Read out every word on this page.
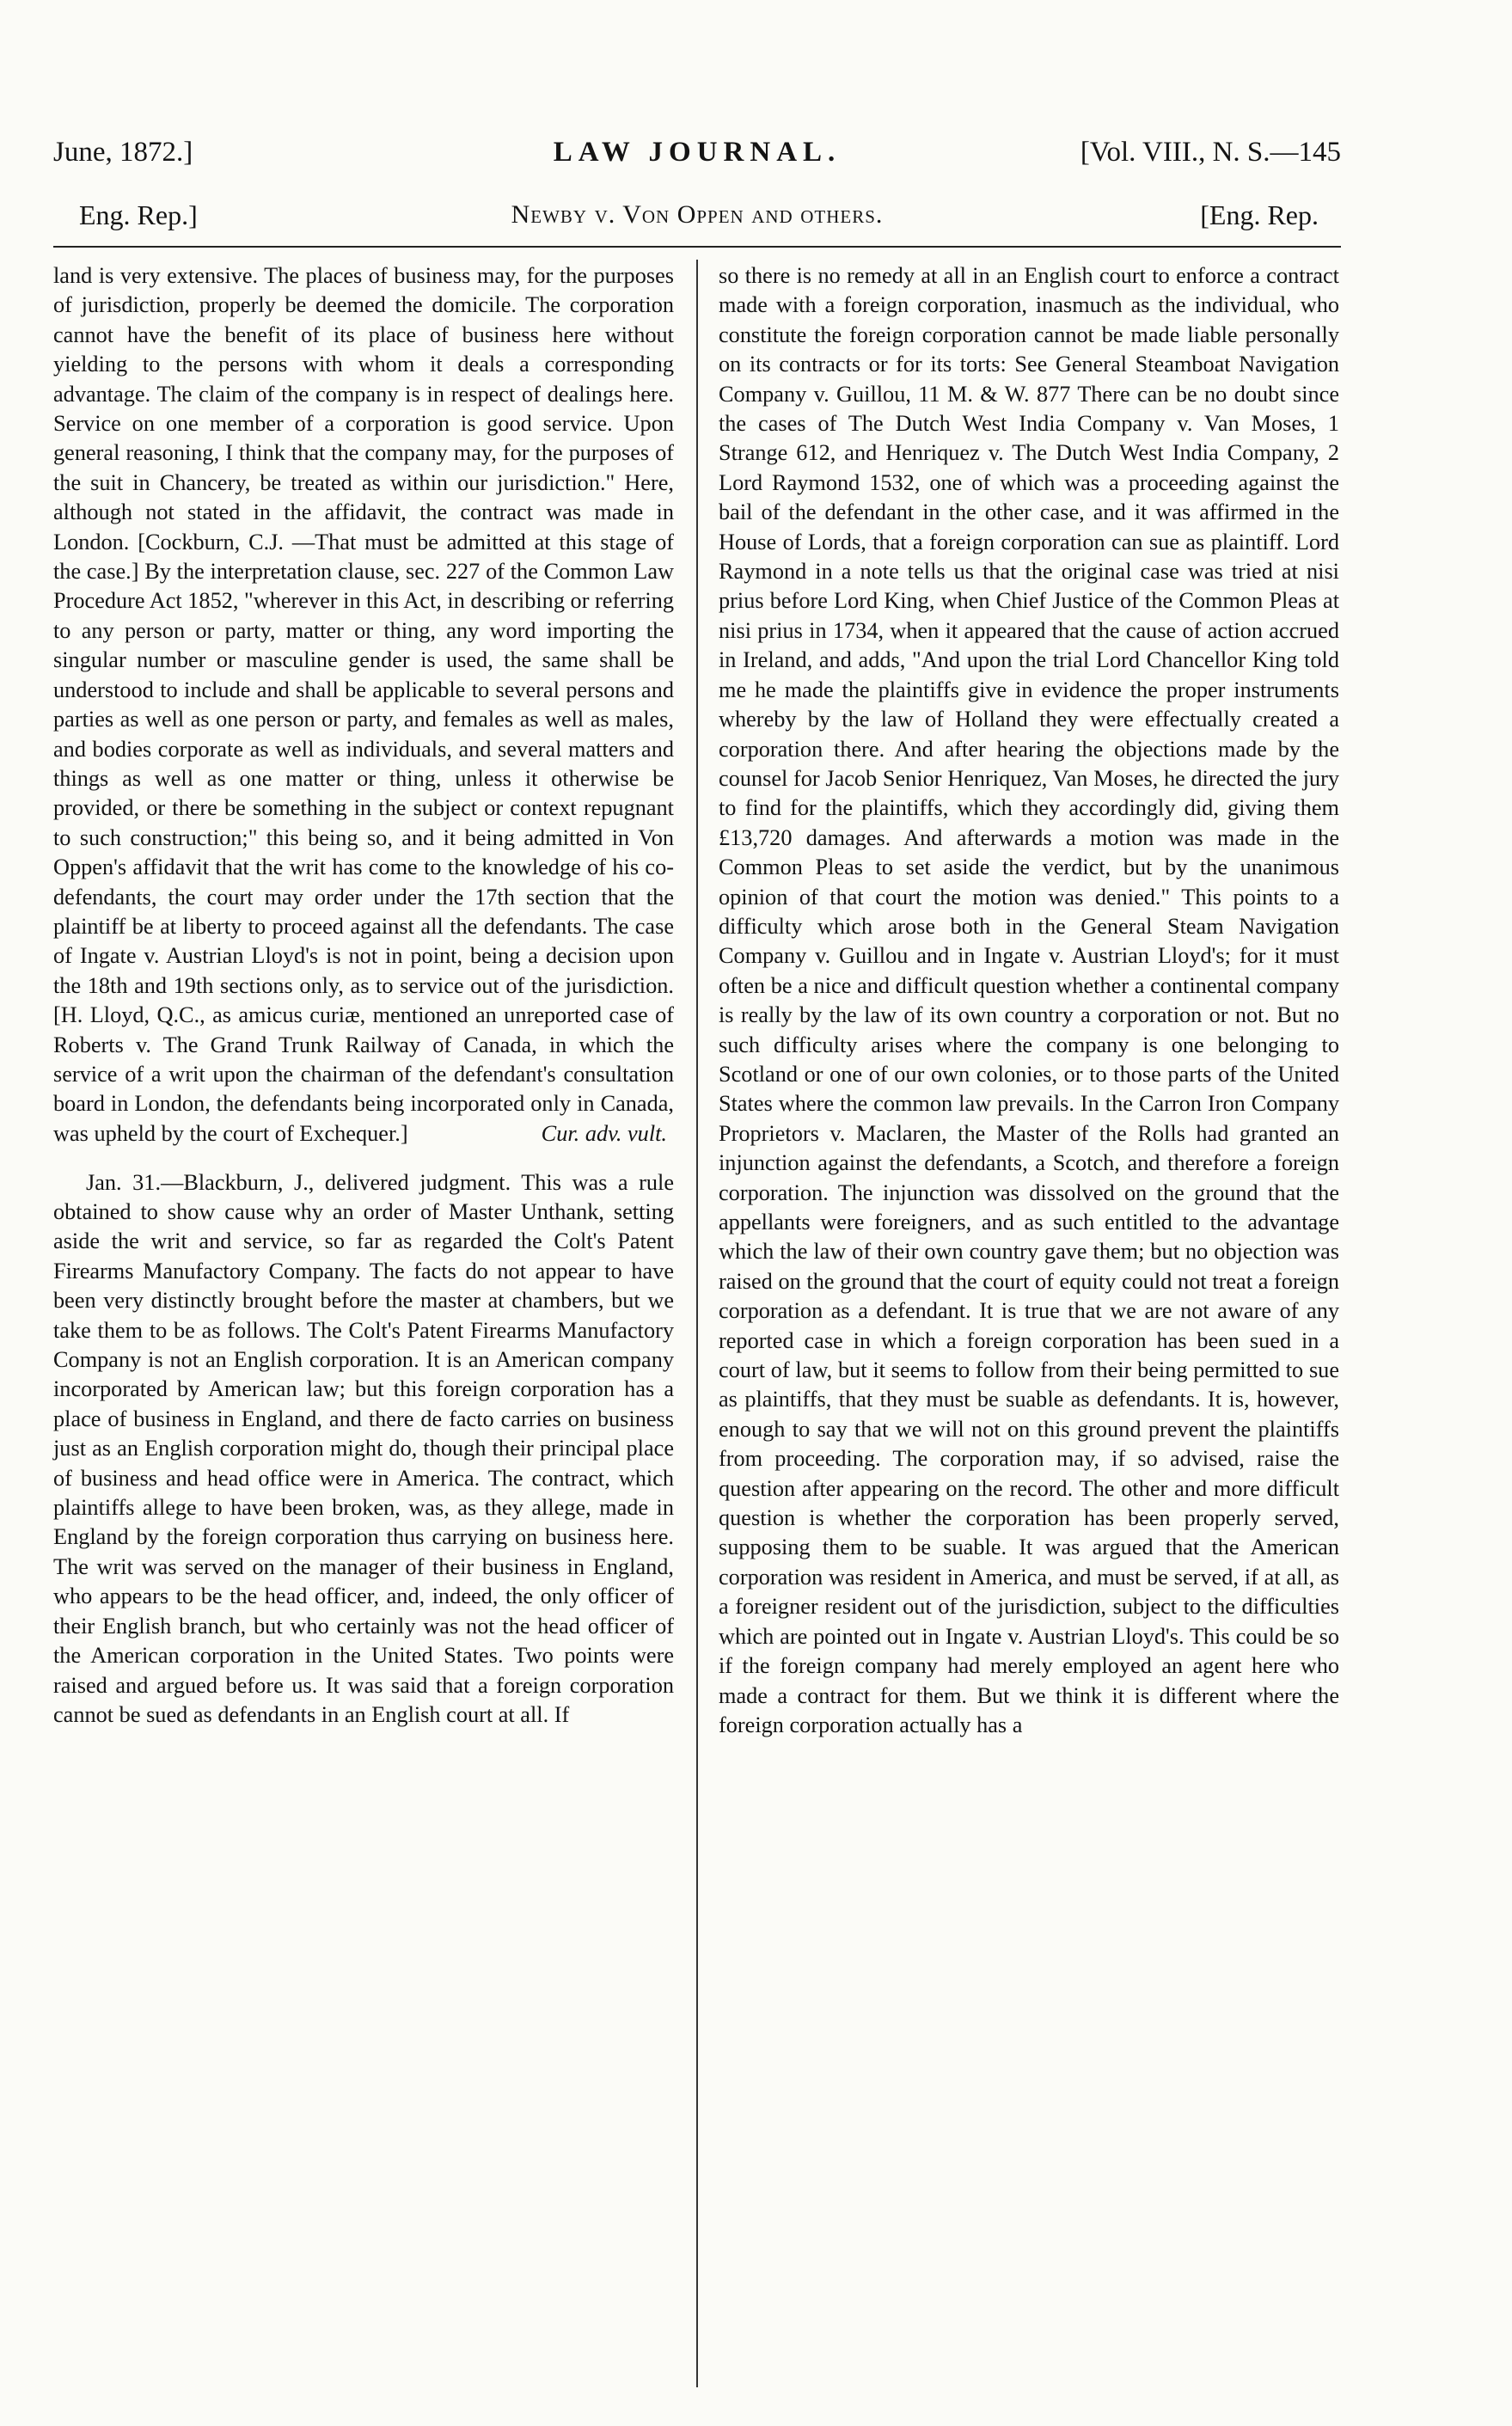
June, 1872.]	LAW JOURNAL.	[Vol. VIII., N. S.—145
Eng. Rep.]	Newby v. Von Oppen and others.	[Eng. Rep.

land is very extensive. The places of business may, for the purposes of jurisdiction, properly be deemed the domicile. The corporation cannot have the benefit of its place of business here without yielding to the persons with whom it deals a corresponding advantage. The claim of the company is in respect of dealings here. Service on one member of a corporation is good service. Upon general reasoning, I think that the company may, for the purposes of the suit in Chancery, be treated as within our jurisdiction." Here, although not stated in the affidavit, the contract was made in London. [Cockburn, C.J. —That must be admitted at this stage of the case.] By the interpretation clause, sec. 227 of the Common Law Procedure Act 1852, "wherever in this Act, in describing or referring to any person or party, matter or thing, any word importing the singular number or masculine gender is used, the same shall be understood to include and shall be applicable to several persons and parties as well as one person or party, and females as well as males, and bodies corporate as well as individuals, and several matters and things as well as one matter or thing, unless it otherwise be provided, or there be something in the subject or context repugnant to such construction;" this being so, and it being admitted in Von Oppen's affidavit that the writ has come to the knowledge of his co-defendants, the court may order under the 17th section that the plaintiff be at liberty to proceed against all the defendants. The case of Ingate v. Austrian Lloyd's is not in point, being a decision upon the 18th and 19th sections only, as to service out of the jurisdiction. [H. Lloyd, Q.C., as amicus curiæ, mentioned an unreported case of Roberts v. The Grand Trunk Railway of Canada, in which the service of a writ upon the chairman of the defendant's consultation board in London, the defendants being incorporated only in Canada, was upheld by the court of Exchequer.]	Cur. adv. vult.

Jan. 31.—Blackburn, J., delivered judgment. This was a rule obtained to show cause why an order of Master Unthank, setting aside the writ and service, so far as regarded the Colt's Patent Firearms Manufactory Company. The facts do not appear to have been very distinctly brought before the master at chambers, but we take them to be as follows. The Colt's Patent Firearms Manufactory Company is not an English corporation. It is an American company incorporated by American law; but this foreign corporation has a place of business in England, and there de facto carries on business just as an English corporation might do, though their principal place of business and head office were in America. The contract, which plaintiffs allege to have been broken, was, as they allege, made in England by the foreign corporation thus carrying on business here. The writ was served on the manager of their business in England, who appears to be the head officer, and, indeed, the only officer of their English branch, but who certainly was not the head officer of the American corporation in the United States. Two points were raised and argued before us. It was said that a foreign corporation cannot be sued as defendants in an English court at all. If

so there is no remedy at all in an English court to enforce a contract made with a foreign corporation, inasmuch as the individual, who constitute the foreign corporation cannot be made liable personally on its contracts or for its torts: See General Steamboat Navigation Company v. Guillou, 11 M. & W. 877 There can be no doubt since the cases of The Dutch West India Company v. Van Moses, 1 Strange 612, and Henriquez v. The Dutch West India Company, 2 Lord Raymond 1532, one of which was a proceeding against the bail of the defendant in the other case, and it was affirmed in the House of Lords, that a foreign corporation can sue as plaintiff. Lord Raymond in a note tells us that the original case was tried at nisi prius before Lord King, when Chief Justice of the Common Pleas at nisi prius in 1734, when it appeared that the cause of action accrued in Ireland, and adds, "And upon the trial Lord Chancellor King told me he made the plaintiffs give in evidence the proper instruments whereby by the law of Holland they were effectually created a corporation there. And after hearing the objections made by the counsel for Jacob Senior Henriquez, Van Moses, he directed the jury to find for the plaintiffs, which they accordingly did, giving them £13,720 damages. And afterwards a motion was made in the Common Pleas to set aside the verdict, but by the unanimous opinion of that court the motion was denied." This points to a difficulty which arose both in the General Steam Navigation Company v. Guillou and in Ingate v. Austrian Lloyd's; for it must often be a nice and difficult question whether a continental company is really by the law of its own country a corporation or not. But no such difficulty arises where the company is one belonging to Scotland or one of our own colonies, or to those parts of the United States where the common law prevails. In the Carron Iron Company Proprietors v. Maclaren, the Master of the Rolls had granted an injunction against the defendants, a Scotch, and therefore a foreign corporation. The injunction was dissolved on the ground that the appellants were foreigners, and as such entitled to the advantage which the law of their own country gave them; but no objection was raised on the ground that the court of equity could not treat a foreign corporation as a defendant. It is true that we are not aware of any reported case in which a foreign corporation has been sued in a court of law, but it seems to follow from their being permitted to sue as plaintiffs, that they must be suable as defendants. It is, however, enough to say that we will not on this ground prevent the plaintiffs from proceeding. The corporation may, if so advised, raise the question after appearing on the record. The other and more difficult question is whether the corporation has been properly served, supposing them to be suable. It was argued that the American corporation was resident in America, and must be served, if at all, as a foreigner resident out of the jurisdiction, subject to the difficulties which are pointed out in Ingate v. Austrian Lloyd's. This could be so if the foreign company had merely employed an agent here who made a contract for them. But we think it is different where the foreign corporation actually has a
